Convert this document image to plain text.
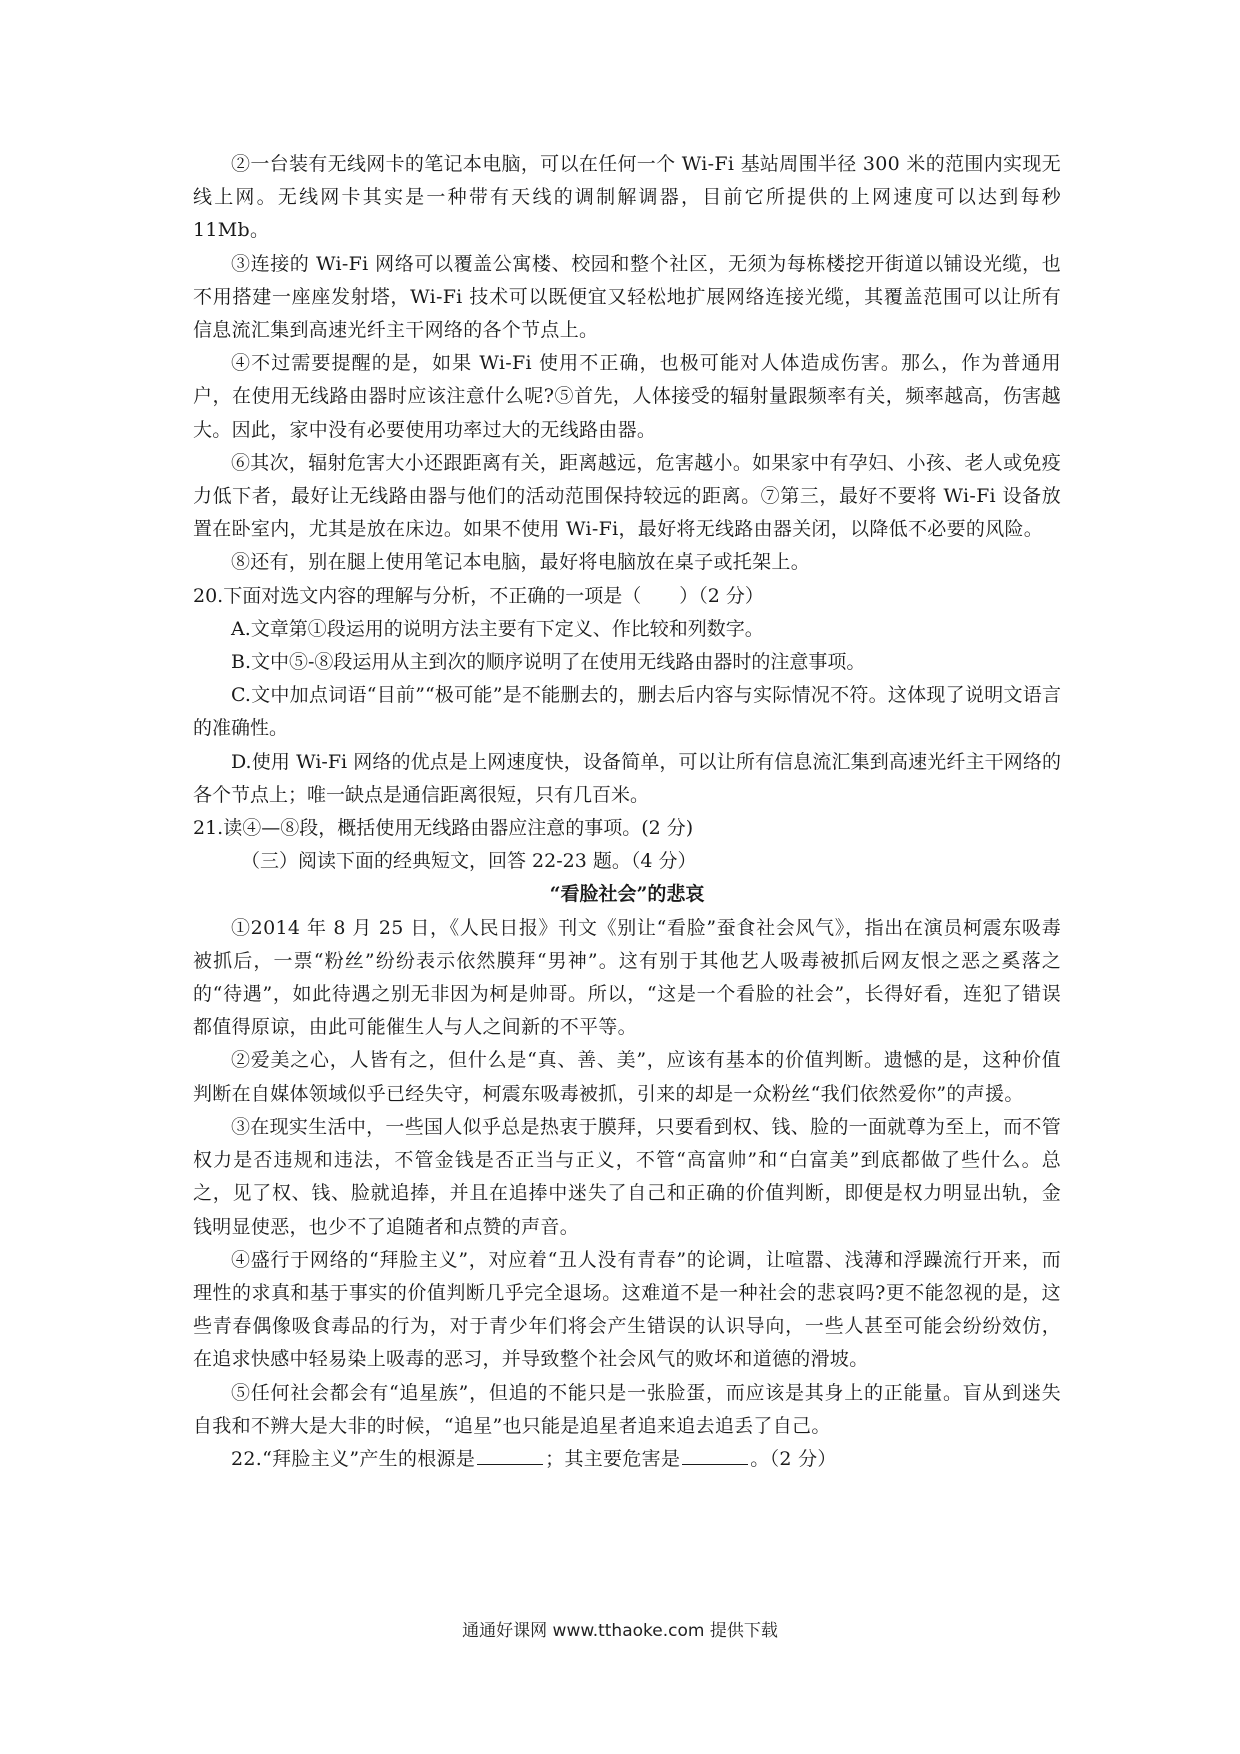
②一台装有无线网卡的笔记本电脑，可以在任何一个 Wi-Fi 基站周围半径 300 米的范围内实现无线上网。无线网卡其实是一种带有天线的调制解调器，目前它所提供的上网速度可以达到每秒 11Mb。

③连接的 Wi-Fi 网络可以覆盖公寓楼、校园和整个社区，无须为每栋楼挖开街道以铺设光缆，也不用搭建一座座发射塔，Wi-Fi 技术可以既便宜又轻松地扩展网络连接光缆，其覆盖范围可以让所有信息流汇集到高速光纤主干网络的各个节点上。

④不过需要提醒的是，如果 Wi-Fi 使用不正确，也极可能对人体造成伤害。那么，作为普通用户，在使用无线路由器时应该注意什么呢?⑤首先，人体接受的辐射量跟频率有关，频率越高，伤害越大。因此，家中没有必要使用功率过大的无线路由器。

⑥其次，辐射危害大小还跟距离有关，距离越远，危害越小。如果家中有孕妇、小孩、老人或免疫力低下者，最好让无线路由器与他们的活动范围保持较远的距离。⑦第三，最好不要将 Wi-Fi 设备放置在卧室内，尤其是放在床边。如果不使用 Wi-Fi，最好将无线路由器关闭，以降低不必要的风险。

⑧还有，别在腿上使用笔记本电脑，最好将电脑放在桌子或托架上。

20.下面对选文内容的理解与分析，不正确的一项是（　　）（2 分）

A.文章第①段运用的说明方法主要有下定义、作比较和列数字。

B.文中⑤-⑧段运用从主到次的顺序说明了在使用无线路由器时的注意事项。

C.文中加点词语“目前”“极可能”是不能删去的，删去后内容与实际情况不符。这体现了说明文语言的准确性。

D.使用 Wi-Fi 网络的优点是上网速度快，设备简单，可以让所有信息流汇集到高速光纤主干网络的各个节点上；唯一缺点是通信距离很短，只有几百米。

21.读④—⑧段，概括使用无线路由器应注意的事项。(2 分)

（三）阅读下面的经典短文，回答 22-23 题。（4 分）

“看脸社会”的悲哀

①2014 年 8 月 25 日，《人民日报》刊文《别让“看脸”蚕食社会风气》，指出在演员柯震东吸毒被抓后，一票“粉丝”纷纷表示依然膜拜“男神”。这有别于其他艺人吸毒被抓后网友恨之恶之奚落之的“待遇”，如此待遇之别无非因为柯是帅哥。所以，“这是一个看脸的社会”，长得好看，连犯了错误都值得原谅，由此可能催生人与人之间新的不平等。

②爱美之心，人皆有之，但什么是“真、善、美”，应该有基本的价值判断。遗憾的是，这种价值判断在自媒体领域似乎已经失守，柯震东吸毒被抓，引来的却是一众粉丝“我们依然爱你”的声援。

③在现实生活中，一些国人似乎总是热衷于膜拜，只要看到权、钱、脸的一面就尊为至上，而不管权力是否违规和违法，不管金钱是否正当与正义，不管“高富帅”和“白富美”到底都做了些什么。总之，见了权、钱、脸就追捧，并且在追捧中迷失了自己和正确的价值判断，即便是权力明显出轨，金钱明显使恶，也少不了追随者和点赞的声音。

④盛行于网络的“拜脸主义”，对应着“丑人没有青春”的论调，让喧嚣、浅薄和浮躁流行开来，而理性的求真和基于事实的价值判断几乎完全退场。这难道不是一种社会的悲哀吗?更不能忽视的是，这些青春偶像吸食毒品的行为，对于青少年们将会产生错误的认识导向，一些人甚至可能会纷纷效仿，在追求快感中轻易染上吸毒的恶习，并导致整个社会风气的败坏和道德的滑坡。

⑤任何社会都会有“追星族”，但追的不能只是一张脸蛋，而应该是其身上的正能量。盲从到迷失自我和不辨大是大非的时候，“追星”也只能是追星者追来追去追丢了自己。

22.“拜脸主义”产生的根源是	；其主要危害是	。（2 分）

通通好课网 www.tthaoke.com 提供下载
